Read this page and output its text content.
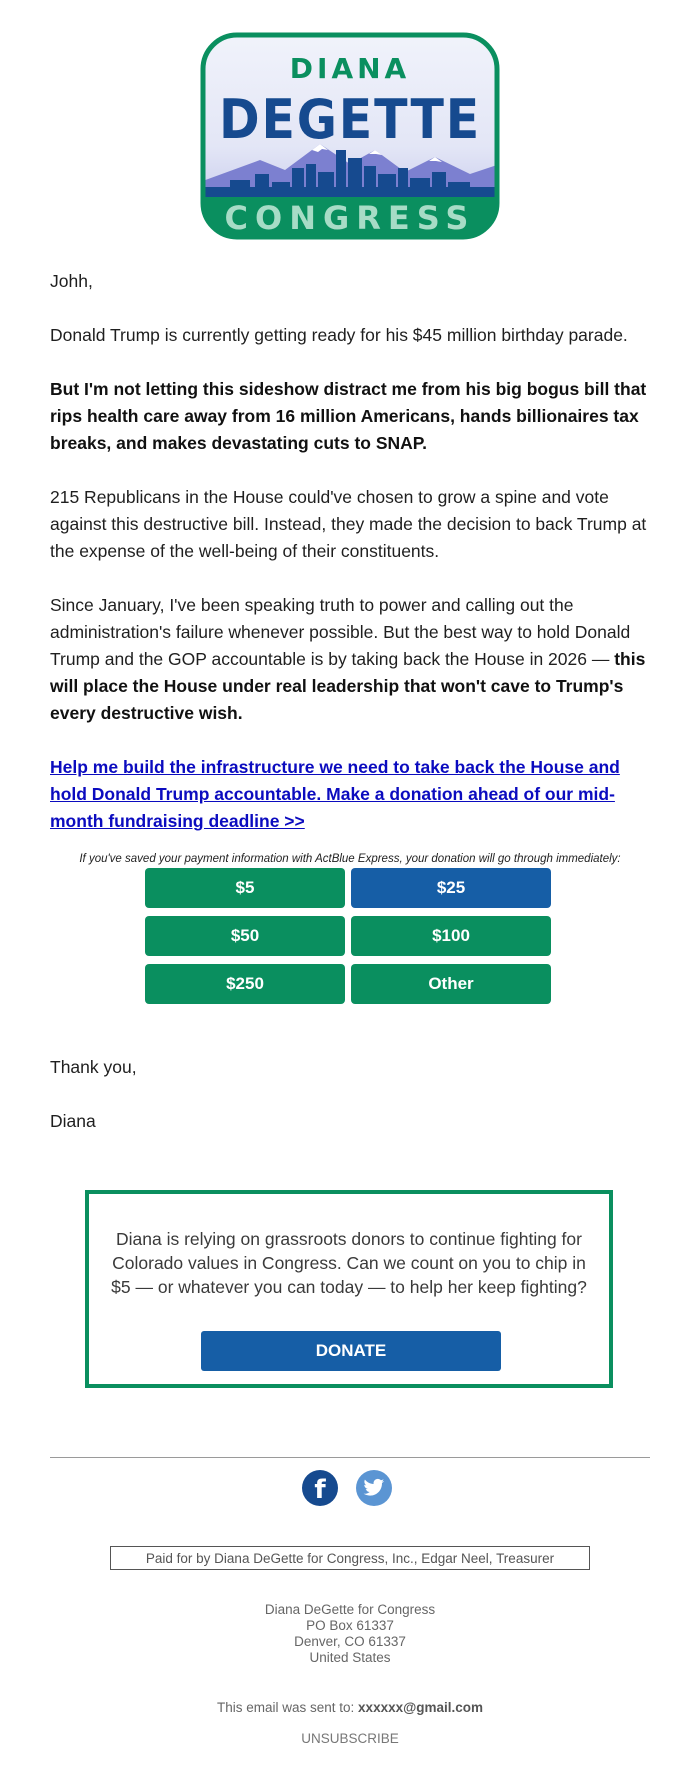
DIANA
DEGETTE
CONGRESS
Johh,
Donald Trump is currently getting ready for his $45 million birthday parade.
But I'm not letting this sideshow distract me from his big bogus bill that rips health care away from 16 million Americans, hands billionaires tax breaks, and makes devastating cuts to SNAP.
215 Republicans in the House could've chosen to grow a spine and vote against this destructive bill. Instead, they made the decision to back Trump at the expense of the well-being of their constituents.
Since January, I've been speaking truth to power and calling out the administration's failure whenever possible. But the best way to hold Donald Trump and the GOP accountable is by taking back the House in 2026 — this will place the House under real leadership that won't cave to Trump's every destructive wish.
Help me build the infrastructure we need to take back the House and hold Donald Trump accountable. Make a donation ahead of our mid-month fundraising deadline >>
If you've saved your payment information with ActBlue Express, your donation will go through immediately:
$5	$25
$50	$100
$250	Other
Thank you,
Diana
Diana is relying on grassroots donors to continue fighting for Colorado values in Congress. Can we count on you to chip in $5 — or whatever you can today — to help her keep fighting?
DONATE
f
Paid for by Diana DeGette for Congress, Inc., Edgar Neel, Treasurer
Diana DeGette for Congress
PO Box 61337
Denver, CO 61337
United States
This email was sent to: xxxxxx@gmail.com
UNSUBSCRIBE
